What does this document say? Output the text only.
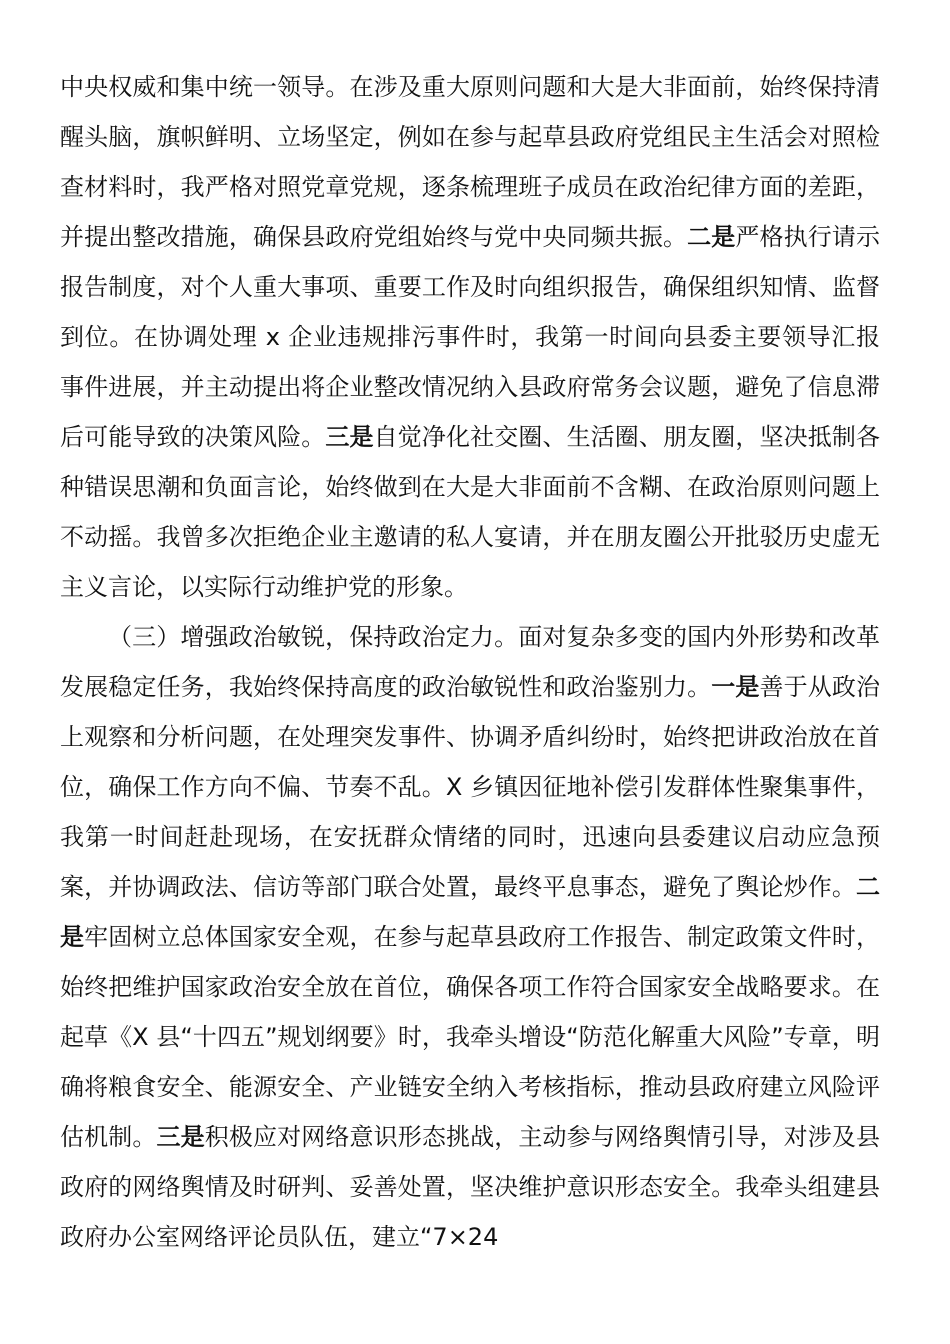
中央权威和集中统一领导。在涉及重大原则问题和大是大非面前，始终保持清醒头脑，旗帜鲜明、立场坚定，例如在参与起草县政府党组民主生活会对照检查材料时，我严格对照党章党规，逐条梳理班子成员在政治纪律方面的差距，并提出整改措施，确保县政府党组始终与党中央同频共振。二是严格执行请示报告制度，对个人重大事项、重要工作及时向组织报告，确保组织知情、监督到位。在协调处理 x 企业违规排污事件时，我第一时间向县委主要领导汇报事件进展，并主动提出将企业整改情况纳入县政府常务会议题，避免了信息滞后可能导致的决策风险。三是自觉净化社交圈、生活圈、朋友圈，坚决抵制各种错误思潮和负面言论，始终做到在大是大非面前不含糊、在政治原则问题上不动摇。我曾多次拒绝企业主邀请的私人宴请，并在朋友圈公开批驳历史虚无主义言论，以实际行动维护党的形象。

（三）增强政治敏锐，保持政治定力。面对复杂多变的国内外形势和改革发展稳定任务，我始终保持高度的政治敏锐性和政治鉴别力。一是善于从政治上观察和分析问题，在处理突发事件、协调矛盾纠纷时，始终把讲政治放在首位，确保工作方向不偏、节奏不乱。X 乡镇因征地补偿引发群体性聚集事件，我第一时间赶赴现场，在安抚群众情绪的同时，迅速向县委建议启动应急预案，并协调政法、信访等部门联合处置，最终平息事态，避免了舆论炒作。二是牢固树立总体国家安全观，在参与起草县政府工作报告、制定政策文件时，始终把维护国家政治安全放在首位，确保各项工作符合国家安全战略要求。在起草《X 县“十四五”规划纲要》时，我牵头增设“防范化解重大风险”专章，明确将粮食安全、能源安全、产业链安全纳入考核指标，推动县政府建立风险评估机制。三是积极应对网络意识形态挑战，主动参与网络舆情引导，对涉及县政府的网络舆情及时研判、妥善处置，坚决维护意识形态安全。我牵头组建县政府办公室网络评论员队伍，建立“7×24
